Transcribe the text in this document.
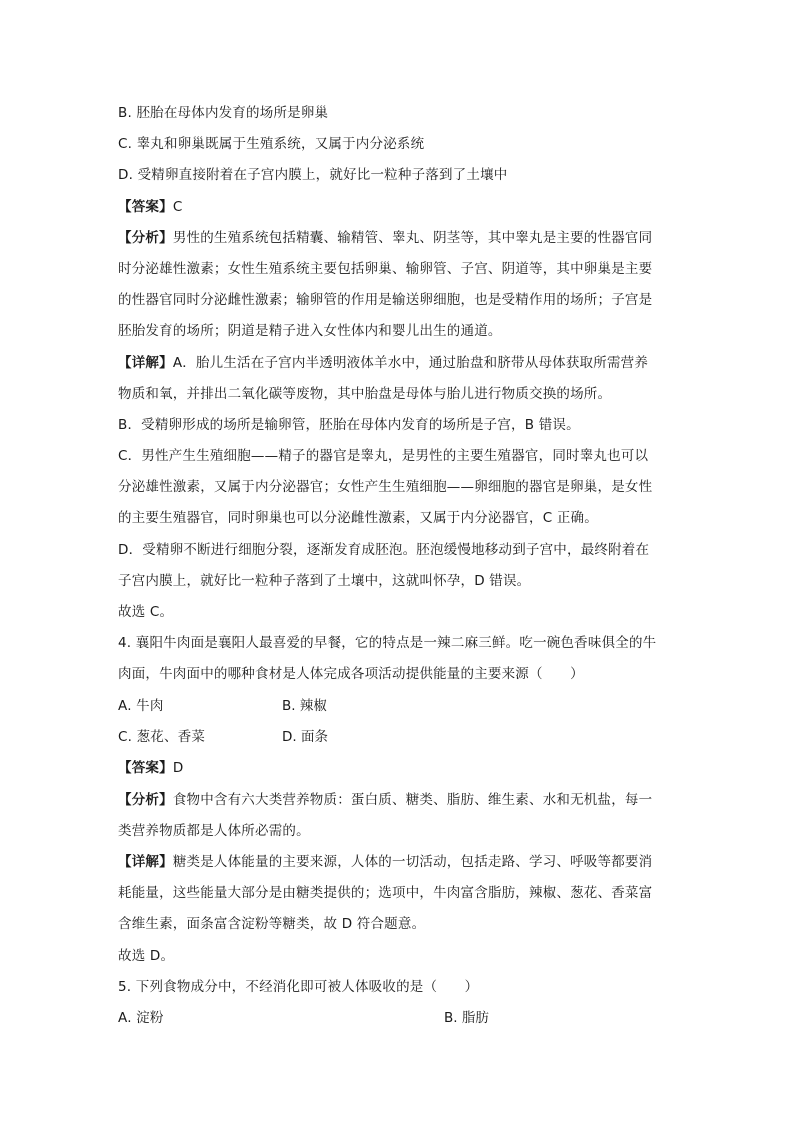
B. 胚胎在母体内发育的场所是卵巢
C. 睾丸和卵巢既属于生殖系统，又属于内分泌系统
D. 受精卵直接附着在子宫内膜上，就好比一粒种子落到了土壤中
【答案】C
【分析】男性的生殖系统包括精囊、输精管、睾丸、阴茎等，其中睾丸是主要的性器官同
时分泌雄性激素；女性生殖系统主要包括卵巢、输卵管、子宫、阴道等，其中卵巢是主要
的性器官同时分泌雌性激素；输卵管的作用是输送卵细胞，也是受精作用的场所；子宫是
胚胎发育的场所；阴道是精子进入女性体内和婴儿出生的通道。
【详解】A．胎儿生活在子宫内半透明液体羊水中，通过胎盘和脐带从母体获取所需营养
物质和氧，并排出二氧化碳等废物，其中胎盘是母体与胎儿进行物质交换的场所。
B．受精卵形成的场所是输卵管，胚胎在母体内发育的场所是子宫，B 错误。
C．男性产生生殖细胞——精子的器官是睾丸，是男性的主要生殖器官，同时睾丸也可以
分泌雄性激素，又属于内分泌器官；女性产生生殖细胞——卵细胞的器官是卵巢，是女性
的主要生殖器官，同时卵巢也可以分泌雌性激素，又属于内分泌器官，C 正确。
D．受精卵不断进行细胞分裂，逐渐发育成胚泡。胚泡缓慢地移动到子宫中，最终附着在
子宫内膜上，就好比一粒种子落到了土壤中，这就叫怀孕，D 错误。
故选 C。
4. 襄阳牛肉面是襄阳人最喜爱的早餐，它的特点是一辣二麻三鲜。吃一碗色香味俱全的牛
肉面，牛肉面中的哪种食材是人体完成各项活动提供能量的主要来源（　　）
A. 牛肉	B. 辣椒
C. 葱花、香菜	D. 面条
【答案】D
【分析】食物中含有六大类营养物质：蛋白质、糖类、脂肪、维生素、水和无机盐，每一
类营养物质都是人体所必需的。
【详解】糖类是人体能量的主要来源，人体的一切活动，包括走路、学习、呼吸等都要消
耗能量，这些能量大部分是由糖类提供的；选项中，牛肉富含脂肪，辣椒、葱花、香菜富
含维生素，面条富含淀粉等糖类，故 D 符合题意。
故选 D。
5. 下列食物成分中，不经消化即可被人体吸收的是（　　）
A. 淀粉	B. 脂肪
